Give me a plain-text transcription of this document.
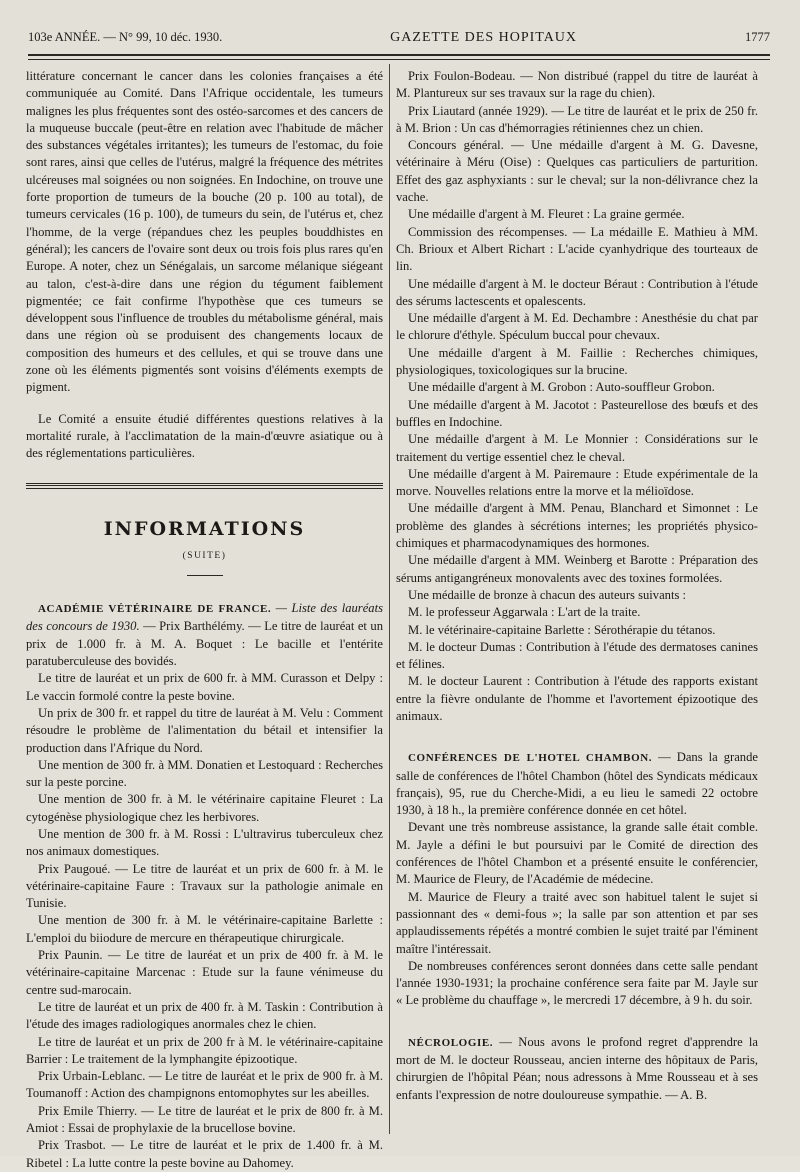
103e ANNÉE. — N° 99, 10 déc. 1930.	GAZETTE DES HOPITAUX	1777

littérature concernant le cancer dans les colonies françaises a été communiquée au Comité. Dans l'Afrique occidentale, les tumeurs malignes les plus fréquentes sont des ostéo-sarcomes et des cancers de la muqueuse buccale (peut-être en relation avec l'habitude de mâcher des substances végétales irritantes); les tumeurs de l'estomac, du foie sont rares, ainsi que celles de l'utérus, malgré la fréquence des métrites ulcéreuses mal soignées ou non soignées. En Indochine, on trouve une forte proportion de tumeurs de la bouche (20 p. 100 au total), de tumeurs cervicales (16 p. 100), de tumeurs du sein, de l'utérus et, chez l'homme, de la verge (répandues chez les peuples bouddhistes en général); les cancers de l'ovaire sont deux ou trois fois plus rares qu'en Europe. A noter, chez un Sénégalais, un sarcome mélanique siégeant au talon, c'est-à-dire dans une région du tégument faiblement pigmentée; ce fait confirme l'hypothèse que ces tumeurs se développent sous l'influence de troubles du métabolisme général, mais dans une région où se produisent des changements locaux de composition des humeurs et des cellules, et qui se trouve dans une zone où les éléments pigmentés sont voisins d'éléments exempts de pigment.

Le Comité a ensuite étudié différentes questions relatives à la mortalité rurale, à l'acclimatation de la main-d'œuvre asiatique ou à des réglementations particulières.

INFORMATIONS
(SUITE)

ACADÉMIE VÉTÉRINAIRE DE FRANCE. — Liste des lauréats des concours de 1930. — Prix Barthélémy. — Le titre de lauréat et un prix de 1.000 fr. à M. A. Boquet : Le bacille et l'entérite paratuberculeuse des bovidés.

Le titre de lauréat et un prix de 600 fr. à MM. Curasson et Delpy : Le vaccin formolé contre la peste bovine.

Un prix de 300 fr. et rappel du titre de lauréat à M. Velu : Comment résoudre le problème de l'alimentation du bétail et intensifier la production dans l'Afrique du Nord.

Une mention de 300 fr. à MM. Donatien et Lestoquard : Recherches sur la peste porcine.

Une mention de 300 fr. à M. le vétérinaire capitaine Fleuret : La cytogénèse physiologique chez les herbivores.

Une mention de 300 fr. à M. Rossi : L'ultravirus tuberculeux chez nos animaux domestiques.

Prix Paugoué. — Le titre de lauréat et un prix de 600 fr. à M. le vétérinaire-capitaine Faure : Travaux sur la pathologie animale en Tunisie.

Une mention de 300 fr. à M. le vétérinaire-capitaine Barlette : L'emploi du biiodure de mercure en thérapeutique chirurgicale.

Prix Paunin. — Le titre de lauréat et un prix de 400 fr. à M. le vétérinaire-capitaine Marcenac : Etude sur la faune vénimeuse du centre sud-marocain.

Le titre de lauréat et un prix de 400 fr. à M. Taskin : Contribution à l'étude des images radiologiques anormales chez le chien.

Le titre de lauréat et un prix de 200 fr à M. le vétérinaire-capitaine Barrier : Le traitement de la lymphangite épizootique.

Prix Urbain-Leblanc. — Le titre de lauréat et le prix de 900 fr. à M. Toumanoff : Action des champignons entomophytes sur les abeilles.

Prix Emile Thierry. — Le titre de lauréat et le prix de 800 fr. à M. Amiot : Essai de prophylaxie de la brucellose bovine.

Prix Trasbot. — Le titre de lauréat et le prix de 1.400 fr. à M. Ribetel : La lutte contre la peste bovine au Dahomey.

Prix Foulon-Bodeau. — Non distribué (rappel du titre de lauréat à M. Plantureux sur ses travaux sur la rage du chien).

Prix Liautard (année 1929). — Le titre de lauréat et le prix de 250 fr. à M. Brion : Un cas d'hémorragies rétiniennes chez un chien.

Concours général. — Une médaille d'argent à M. G. Davesne, vétérinaire à Méru (Oise) : Quelques cas particuliers de parturition. Effet des gaz asphyxiants : sur le cheval; sur la non-délivrance chez la vache.

Une médaille d'argent à M. Fleuret : La graine germée.

Commission des récompenses. — La médaille E. Mathieu à MM. Ch. Brioux et Albert Richart : L'acide cyanhydrique des tourteaux de lin.

Une médaille d'argent à M. le docteur Béraut : Contribution à l'étude des sérums lactescents et opalescents.

Une médaille d'argent à M. Ed. Dechambre : Anesthésie du chat par le chlorure d'éthyle. Spéculum buccal pour chevaux.

Une médaille d'argent à M. Faillie : Recherches chimiques, physiologiques, toxicologiques sur la brucine.

Une médaille d'argent à M. Grobon : Auto-souffleur Grobon.

Une médaille d'argent à M. Jacotot : Pasteurellose des bœufs et des buffles en Indochine.

Une médaille d'argent à M. Le Monnier : Considérations sur le traitement du vertige essentiel chez le cheval.

Une médaille d'argent à M. Pairemaure : Etude expérimentale de la morve. Nouvelles relations entre la morve et la mélioïdose.

Une médaille d'argent à MM. Penau, Blanchard et Simonnet : Le problème des glandes à sécrétions internes; les propriétés physico-chimiques et pharmacodynamiques des hormones.

Une médaille d'argent à MM. Weinberg et Barotte : Préparation des sérums antigangréneux monovalents avec des toxines formolées.

Une médaille de bronze à chacun des auteurs suivants :

M. le professeur Aggarwala : L'art de la traite.

M. le vétérinaire-capitaine Barlette : Sérothérapie du tétanos.

M. le docteur Dumas : Contribution à l'étude des dermatoses canines et félines.

M. le docteur Laurent : Contribution à l'étude des rapports existant entre la fièvre ondulante de l'homme et l'avortement épizootique des animaux.

CONFÉRENCES DE L'HOTEL CHAMBON. — Dans la grande salle de conférences de l'hôtel Chambon (hôtel des Syndicats médicaux français), 95, rue du Cherche-Midi, a eu lieu le samedi 22 octobre 1930, à 18 h., la première conférence donnée en cet hôtel.

Devant une très nombreuse assistance, la grande salle était comble. M. Jayle a défini le but poursuivi par le Comité de direction des conférences de l'hôtel Chambon et a présenté ensuite le conférencier, M. Maurice de Fleury, de l'Académie de médecine.

M. Maurice de Fleury a traité avec son habituel talent le sujet si passionnant des « demi-fous »; la salle par son attention et par ses applaudissements répétés a montré combien le sujet traité par l'éminent maître l'intéressait.

De nombreuses conférences seront données dans cette salle pendant l'année 1930-1931; la prochaine conférence sera faite par M. Jayle sur « Le problème du chauffage », le mercredi 17 décembre, à 9 h. du soir.

NÉCROLOGIE. — Nous avons le profond regret d'apprendre la mort de M. le docteur Rousseau, ancien interne des hôpitaux de Paris, chirurgien de l'hôpital Péan; nous adressons à Mme Rousseau et à ses enfants l'expression de notre douloureuse sympathie. — A. B.
